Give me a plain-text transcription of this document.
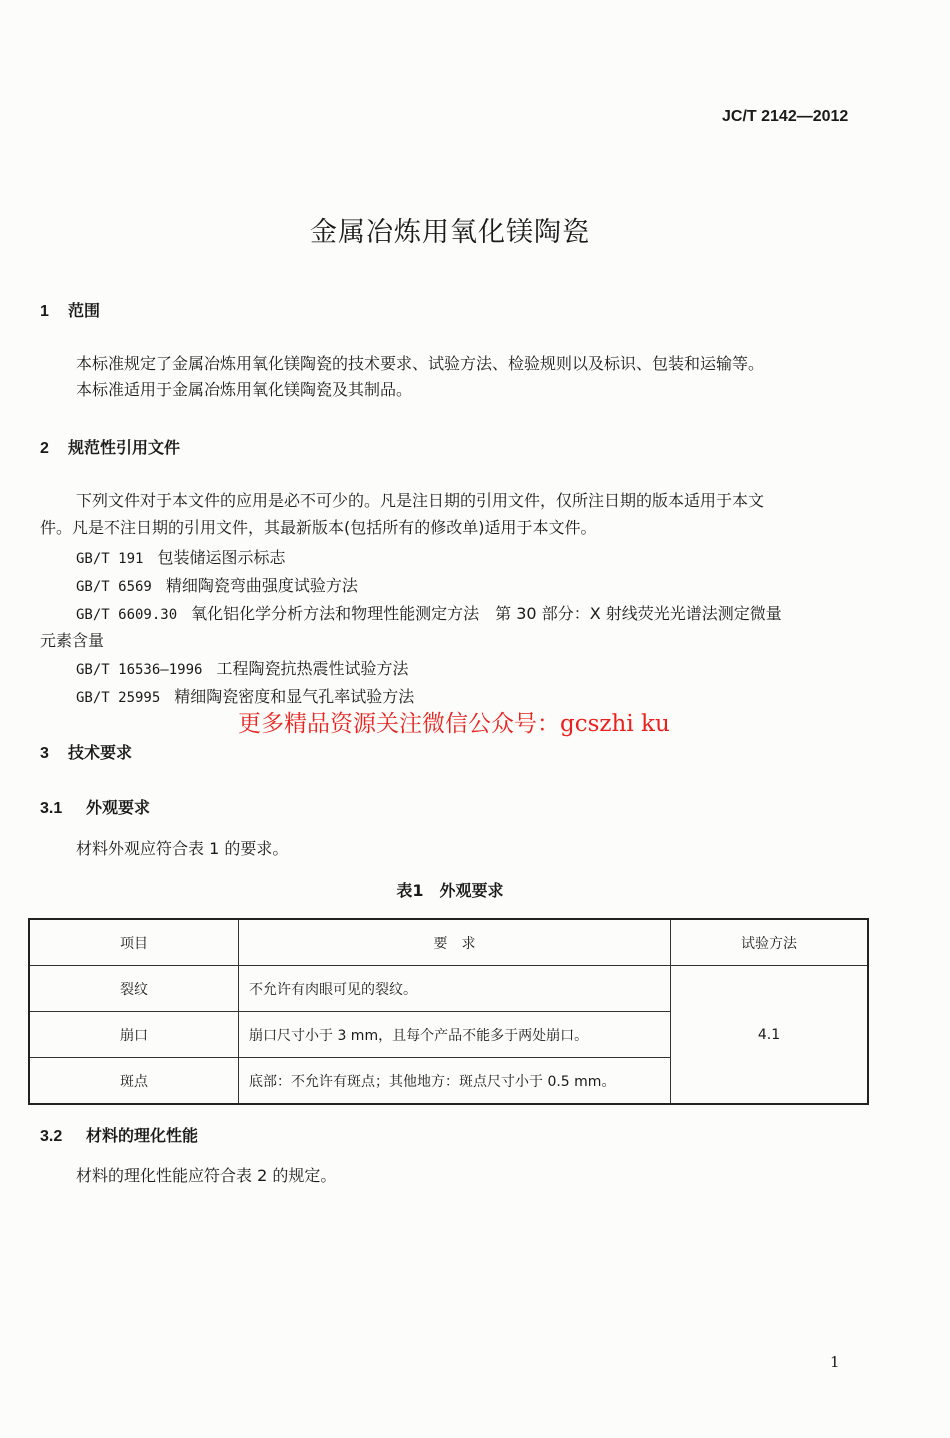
JC/T 2142—2012
金属冶炼用氧化镁陶瓷
1 范围
本标准规定了金属冶炼用氧化镁陶瓷的技术要求、试验方法、检验规则以及标识、包装和运输等。
本标准适用于金属冶炼用氧化镁陶瓷及其制品。
2 规范性引用文件
下列文件对于本文件的应用是必不可少的。凡是注日期的引用文件，仅所注日期的版本适用于本文
件。凡是不注日期的引用文件，其最新版本(包括所有的修改单)适用于本文件。
GB/T 191 包装储运图示标志
GB/T 6569 精细陶瓷弯曲强度试验方法
GB/T 6609.30 氧化铝化学分析方法和物理性能测定方法　第 30 部分：X 射线荧光光谱法测定微量
元素含量
GB/T 16536—1996 工程陶瓷抗热震性试验方法
GB/T 25995 精细陶瓷密度和显气孔率试验方法
更多精品资源关注微信公众号：gcszhi ku
3 技术要求
3.1 外观要求
材料外观应符合表 1 的要求。
表1　外观要求
项目	要　求	试验方法
裂纹	不允许有肉眼可见的裂纹。	4.1
崩口	崩口尺寸小于 3 mm，且每个产品不能多于两处崩口。	
斑点	底部：不允许有斑点；其他地方：斑点尺寸小于 0.5 mm。	
3.2 材料的理化性能
材料的理化性能应符合表 2 的规定。
1
